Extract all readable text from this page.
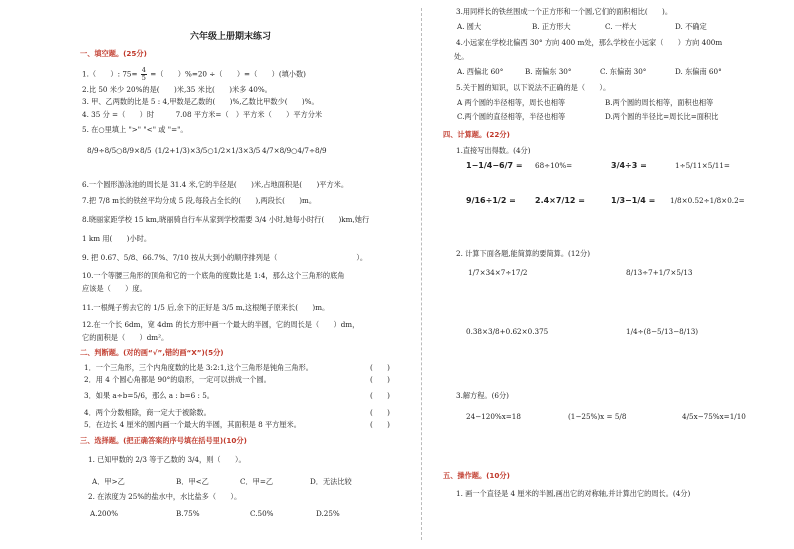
六年级上册期末练习
一、填空题。(25分)
1.（　　）: $75= \frac{4}{5}$ =（　　）%=20 ÷（　　）=（　　）(填小数)
2.比 50 米少 20%的是(　　)米,35 米比(　　)米多 40%。
3. 甲、乙两数的比是 5 : 4,甲数是乙数的(　　)%,乙数比甲数少(　　)%。
4. 35 分 =（　　）时　　　7.08 平方米=（　）平方米（　　）平方分米
5. 在○里填上 ">" "<" 或 "="。
8/9÷8/5○8/9×8/5 (1/2+1/3)×3/5○1/2×1/3×3/5 4/7×8/9○4/7÷8/9
6.一个圆形游泳池的周长是 31.4 米,它的半径是(　　)米,占地面积是(　　)平方米。
7.把 7/8 m长的铁丝平均分成 5 段,每段占全长的(　　),两段长(　　)m。
8.晓丽家距学校 15 km,晓丽骑自行车从家到学校需要 3/4 小时,她每小时行(　　)km,她行
1 km 用(　　)小时。
9. 把 0.67、5/8、66.7%、7/10 按从大到小的顺序排列是（　　　　　　　　　　　）。
10.一个等腰三角形的顶角和它的一个底角的度数比是 1:4，那么这个三角形的底角
应该是（　　）度。
11.一根绳子剪去它的 1/5 后,余下的正好是 3/5 m,这根绳子原来长(　　)m。
12.在一个长 6dm，宽 4dm 的长方形中画一个最大的半圆，它的周长是（　　）dm，
它的面积是（　　）dm²。
二、判断题。(对的画“√”,错的画“X”)(5分)
1．一个三角形，三个内角度数的比是 3:2:1,这个三角形是钝角三角形。	(　　)
2．用 4 个圆心角都是 90°的扇形，一定可以拼成一个圆。	(　　)
3．如果 a÷b=5/6，那么 a : b=6 : 5。	(　　)
4．两个分数相除，商一定大于被除数。	(　　)
5．在边长 4 厘米的圆内画一个最大的半圆，其面积是 8 平方厘米。	(　　)
三、选择题。(把正确答案的序号填在括号里)(10分)
1. 已知甲数的 2/3 等于乙数的 3/4，则（　　）。
A．甲>乙	B．甲<乙	C．甲=乙	D．无法比较
2. 在浓度为 25%的盐水中，水比盐多（　　）。
A.200%	B.75%	C.50%	D.25%
3.用同样长的铁丝围成一个正方形和一个圆,它们的面积相比(　　)。
A. 圆大	B. 正方形大	C. 一样大	D. 不确定
4.小远家在学校北偏西 30° 方向 400 m处，那么学校在小远家（　　）方向 400m
处。
A. 西偏北 60°	B. 南偏东 30°	C. 东偏南 30°	D. 东偏南 60°
5.关于圆的知识，以下说法不正确的是（　　）。
A 两个圆的半径相等，周长也相等	B.两个圆的周长相等，面积也相等
C.两个圆的直径相等，半径也相等	D.两个圆的半径比=周长比=面积比
四、计算题。(22分)
1.直接写出得数。(4分)
1−1/4−6/7 = 68÷10%=	3/4÷3 =	1÷5/11×5/11=
9/16÷1/2 = 2.4×7/12 =	1/3−1/4 = 1/8×0.52÷1/8×0.2=
2. 计算下面各题,能简算的要简算。(12分)
1/7×34×7÷17/2	8/13÷7+1/7×5/13
0.38×3/8+0.62×0.375	1/4÷(8−5/13−8/13)
3.解方程。(6分)
24−120%x=18	(1−25%)x = 5/8	4/5x−75%x=1/10
五、操作题。(10分)
1. 画一个直径是 4 厘米的半圆,画出它的对称轴,并计算出它的周长。(4分)
